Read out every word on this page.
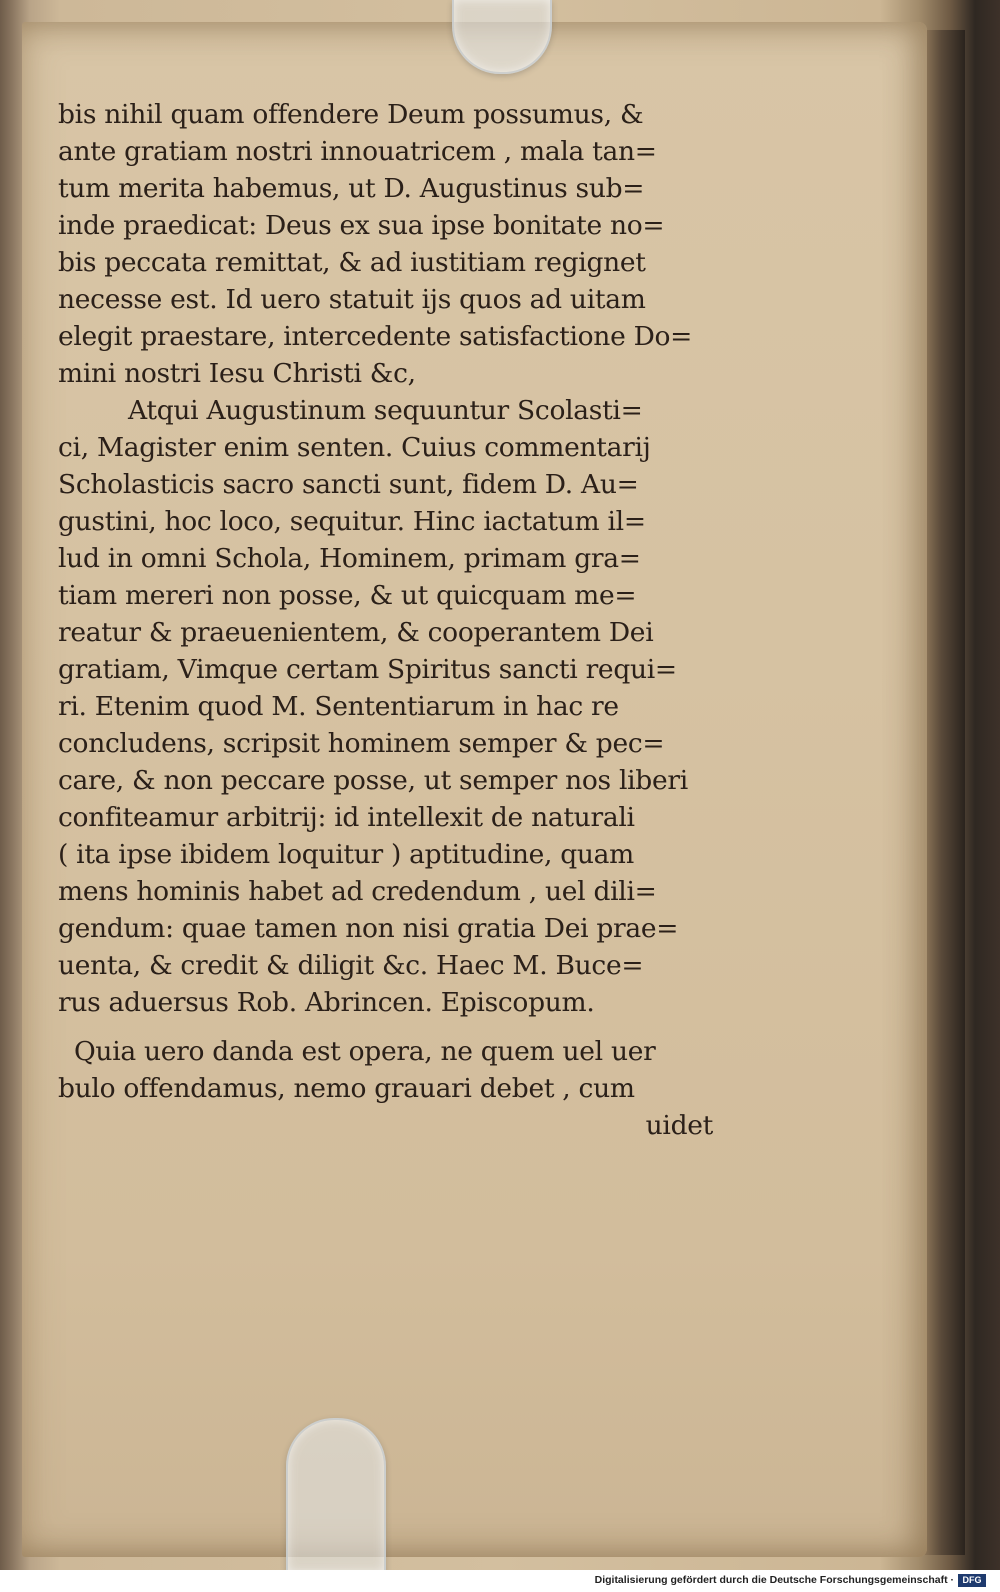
bis nihil quam offendere Deum possumus, &
ante gratiam nostri innouatricem , mala tan=
tum merita habemus, ut D. Augustinus sub=
inde praedicat: Deus ex sua ipse bonitate no=
bis peccata remittat, & ad iustitiam regignet
necesse est. Id uero statuit ijs quos ad uitam
elegit praestare, intercedente satisfactione Do=
mini nostri Iesu Christi &c,
Atqui Augustinum sequuntur Scolasti=
ci, Magister enim senten. Cuius commentarij
Scholasticis sacro sancti sunt, fidem D. Au=
gustini, hoc loco, sequitur. Hinc iactatum il=
lud in omni Schola, Hominem, primam gra=
tiam mereri non posse, & ut quicquam me=
reatur & praeuenientem, & cooperantem Dei
gratiam, Vimque certam Spiritus sancti requi=
ri. Etenim quod M. Sententiarum in hac re
concludens, scripsit hominem semper & pec=
care, & non peccare posse, ut semper nos liberi
confiteamur arbitrij: id intellexit de naturali
( ita ipse ibidem loquitur ) aptitudine, quam
mens hominis habet ad credendum , uel dili=
gendum: quae tamen non nisi gratia Dei prae=
uenta, & credit & diligit &c. Haec M. Buce=
rus aduersus Rob. Abrincen. Episcopum.
Quia uero danda est opera, ne quem uel uer
bulo offendamus, nemo grauari debet , cum
uidet
Digitalisierung gefördert durch die Deutsche Forschungsgemeinschaft · DFG
